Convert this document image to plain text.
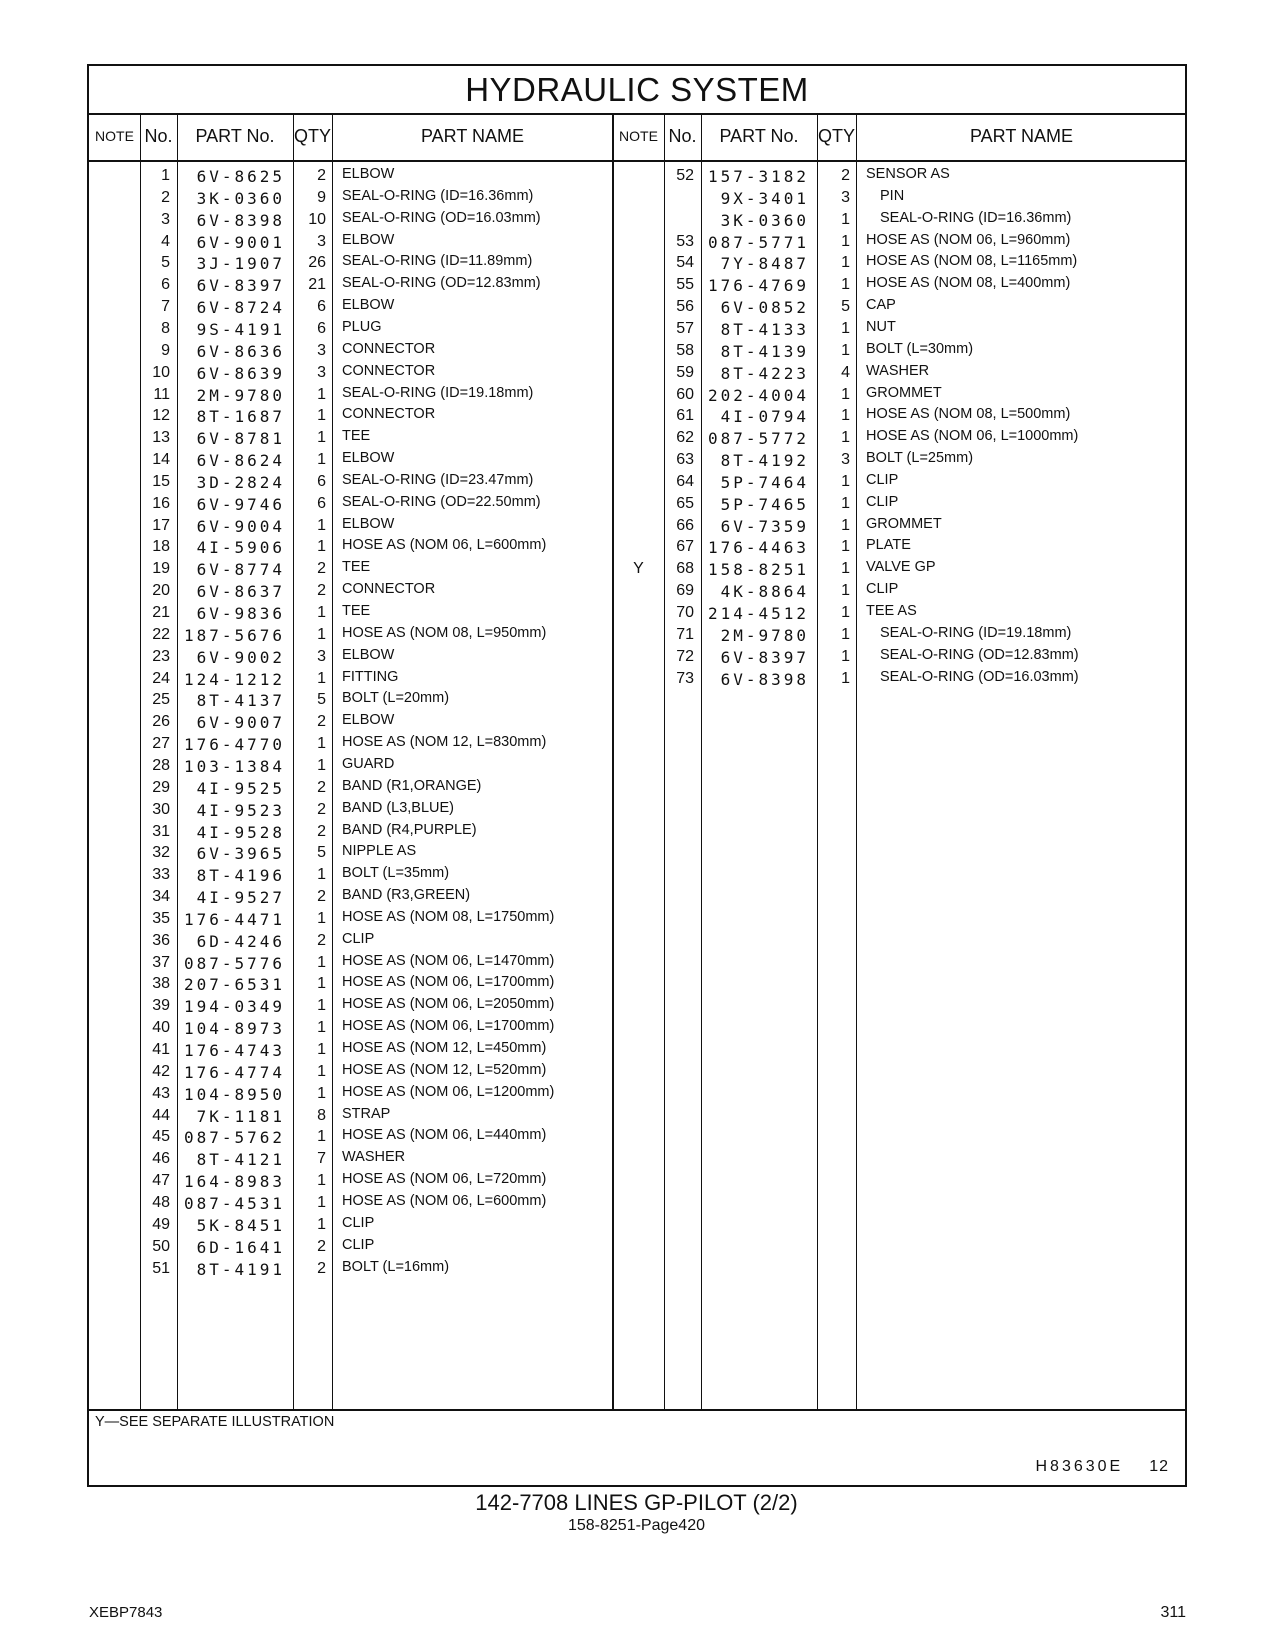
HYDRAULIC SYSTEM
NOTE No.	PART No.	QTY	PART NAME	NOTE No.	PART No.	QTY	PART NAME
1	6V-8625	2 ELBOW
2	3K-0360	9 SEAL-O-RING (ID=16.36mm)
3	6V-8398	10 SEAL-O-RING (OD=16.03mm)
4	6V-9001	3 ELBOW
5	3J-1907	26 SEAL-O-RING (ID=11.89mm)
6	6V-8397	21 SEAL-O-RING (OD=12.83mm)
7	6V-8724	6 ELBOW
8	9S-4191	6 PLUG
9	6V-8636	3 CONNECTOR
10	6V-8639	3 CONNECTOR
11	2M-9780	1 SEAL-O-RING (ID=19.18mm)
12	8T-1687	1 CONNECTOR
13	6V-8781	1 TEE
14	6V-8624	1 ELBOW
15	3D-2824	6 SEAL-O-RING (ID=23.47mm)
16	6V-9746	6 SEAL-O-RING (OD=22.50mm)
17	6V-9004	1 ELBOW
18	4I-5906	1 HOSE AS (NOM 06, L=600mm)
19	6V-8774	2 TEE
20	6V-8637	2 CONNECTOR
21	6V-9836	1 TEE
22 187-5676	1 HOSE AS (NOM 08, L=950mm)
23	6V-9002	3 ELBOW
24 124-1212	1 FITTING
25	8T-4137	5 BOLT (L=20mm)
26	6V-9007	2 ELBOW
27 176-4770	1 HOSE AS (NOM 12, L=830mm)
28 103-1384	1 GUARD
29	4I-9525	2 BAND (R1,ORANGE)
30	4I-9523	2 BAND (L3,BLUE)
31	4I-9528	2 BAND (R4,PURPLE)
32	6V-3965	5 NIPPLE AS
33	8T-4196	1 BOLT (L=35mm)
34	4I-9527	2 BAND (R3,GREEN)
35 176-4471	1 HOSE AS (NOM 08, L=1750mm)
36	6D-4246	2 CLIP
37 087-5776	1 HOSE AS (NOM 06, L=1470mm)
38 207-6531	1 HOSE AS (NOM 06, L=1700mm)
39 194-0349	1 HOSE AS (NOM 06, L=2050mm)
40 104-8973	1 HOSE AS (NOM 06, L=1700mm)
41 176-4743	1 HOSE AS (NOM 12, L=450mm)
42 176-4774	1 HOSE AS (NOM 12, L=520mm)
43 104-8950	1 HOSE AS (NOM 06, L=1200mm)
44	7K-1181	8 STRAP
45 087-5762	1 HOSE AS (NOM 06, L=440mm)
46	8T-4121	7 WASHER
47 164-8983	1 HOSE AS (NOM 06, L=720mm)
48 087-4531	1 HOSE AS (NOM 06, L=600mm)
49	5K-8451	1 CLIP
50	6D-1641	2 CLIP
51	8T-4191	2 BOLT (L=16mm)
52 157-3182	2 SENSOR AS
9X-3401	3 PIN
3K-0360	1 SEAL-O-RING (ID=16.36mm)
53 087-5771	1 HOSE AS (NOM 06, L=960mm)
54	7Y-8487	1 HOSE AS (NOM 08, L=1165mm)
55 176-4769	1 HOSE AS (NOM 08, L=400mm)
56	6V-0852	5 CAP
57	8T-4133	1 NUT
58	8T-4139	1 BOLT (L=30mm)
59	8T-4223	4 WASHER
60 202-4004	1 GROMMET
61	4I-0794	1 HOSE AS (NOM 08, L=500mm)
62 087-5772	1 HOSE AS (NOM 06, L=1000mm)
63	8T-4192	3 BOLT (L=25mm)
64	5P-7464	1 CLIP
65	5P-7465	1 CLIP
66	6V-7359	1 GROMMET
67 176-4463	1 PLATE
Y	68 158-8251	1 VALVE GP
69	4K-8864	1 CLIP
70 214-4512	1 TEE AS
71	2M-9780	1 SEAL-O-RING (ID=19.18mm)
72	6V-8397	1 SEAL-O-RING (OD=12.83mm)
73	6V-8398	1 SEAL-O-RING (OD=16.03mm)
Y—SEE SEPARATE ILLUSTRATION
H83630E 12
142-7708 LINES GP-PILOT (2/2)
158-8251-Page420
XEBP7843	311
